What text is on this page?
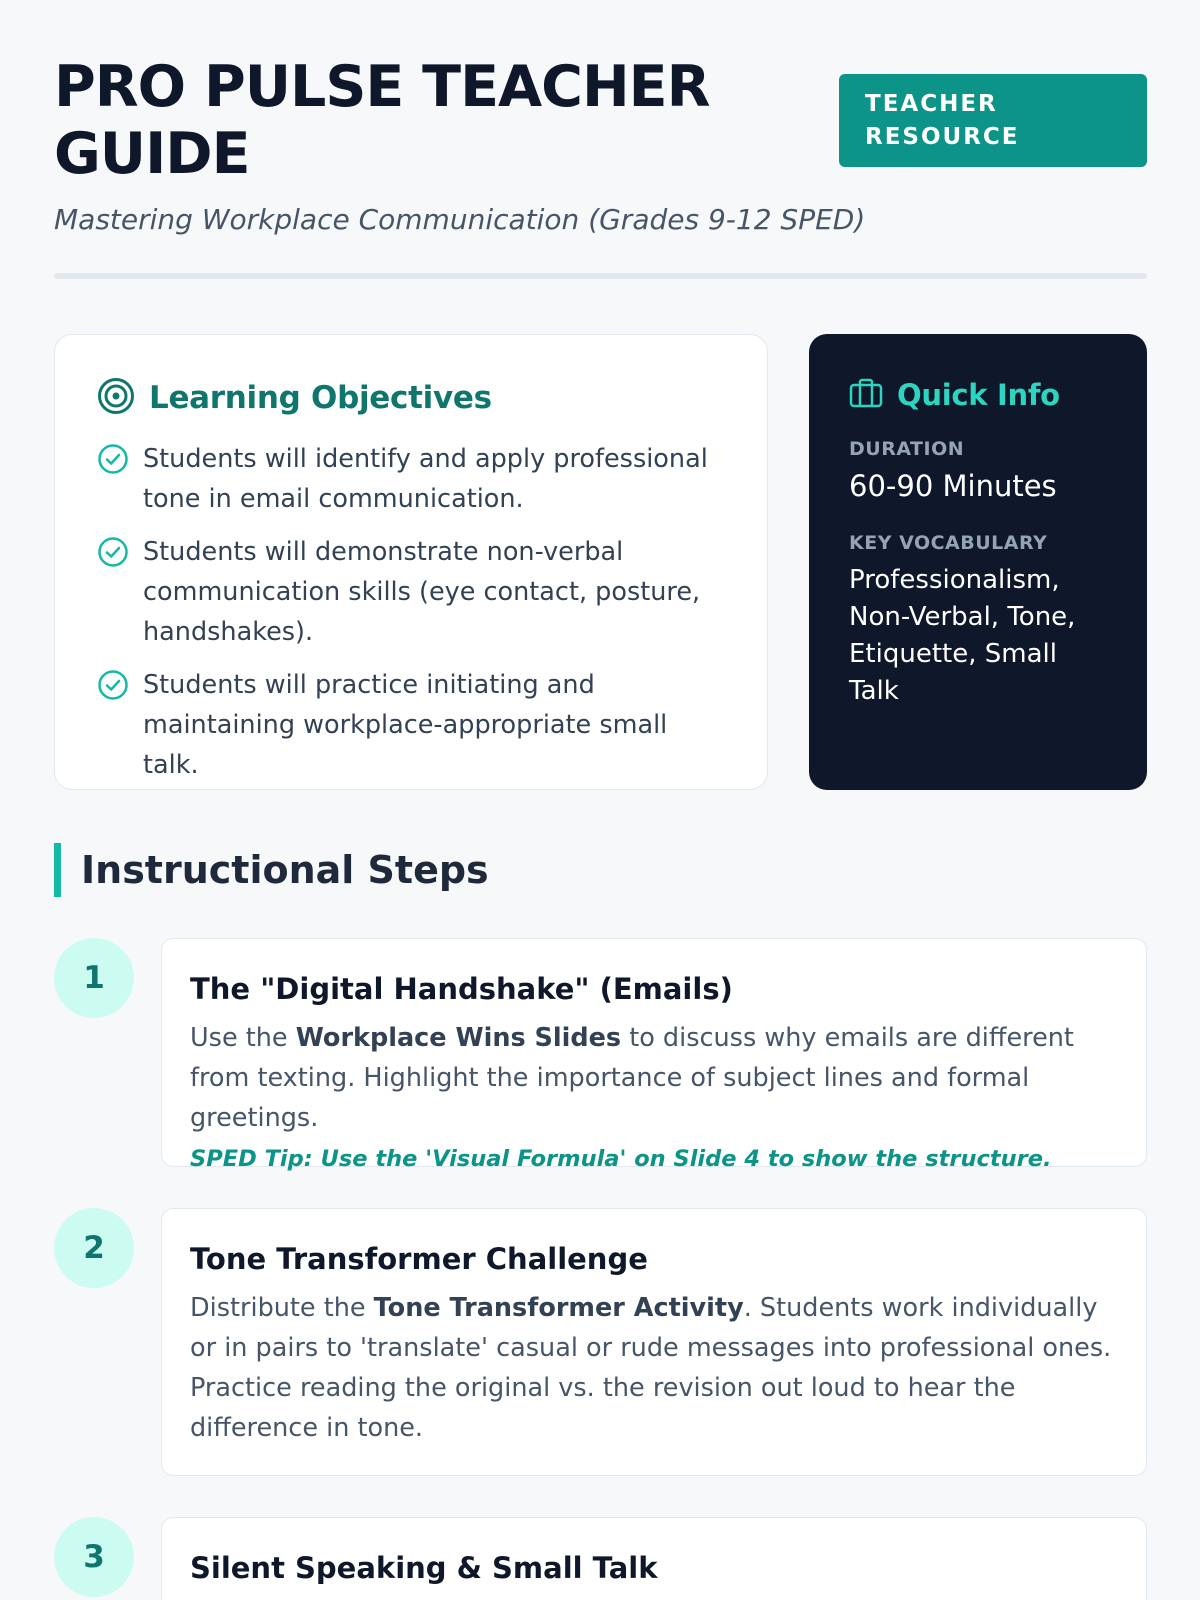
PRO PULSE TEACHER GUIDE
TEACHER RESOURCE
Mastering Workplace Communication (Grades 9-12 SPED)
Learning Objectives
Students will identify and apply professional tone in email communication.
Students will demonstrate non-verbal communication skills (eye contact, posture, handshakes).
Students will practice initiating and maintaining workplace-appropriate small talk.
Quick Info
DURATION
60-90 Minutes
KEY VOCABULARY
Professionalism, Non-Verbal, Tone, Etiquette, Small Talk
Instructional Steps
1	The "Digital Handshake" (Emails)

Use the Workplace Wins Slides to discuss why emails are different from texting. Highlight the importance of subject lines and formal greetings.

SPED Tip: Use the 'Visual Formula' on Slide 4 to show the structure.
2	Tone Transformer Challenge

Distribute the Tone Transformer Activity. Students work individually or in pairs to 'translate' casual or rude messages into professional ones. Practice reading the original vs. the revision out loud to hear the difference in tone.

3	Silent Speaking & Small Talk
